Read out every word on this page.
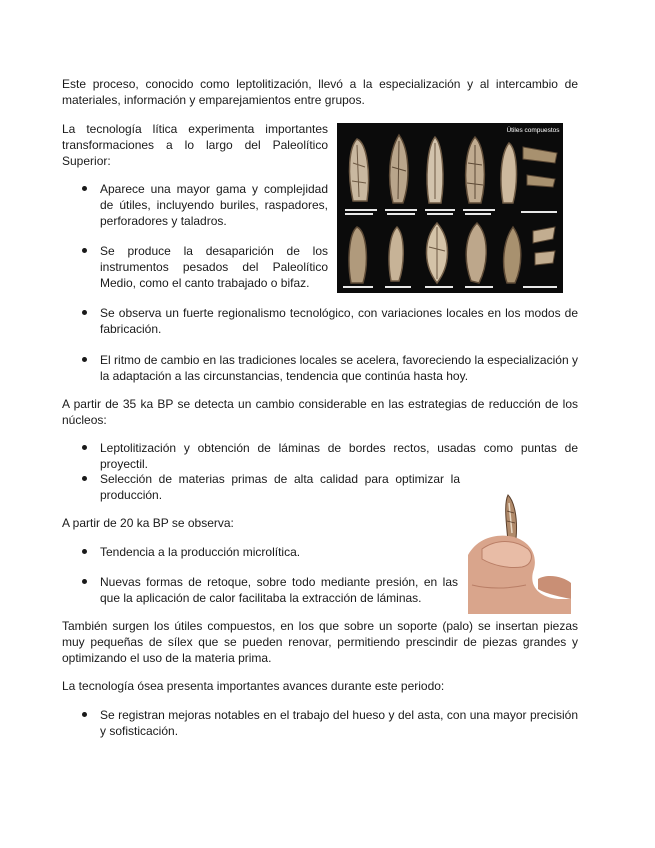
Este proceso, conocido como leptolitización, llevó a la especialización y al intercambio de materiales, información y emparejamientos entre grupos.

La tecnología lítica experimenta importantes transformaciones a lo largo del Paleolítico Superior:

Aparece una mayor gama y complejidad de útiles, incluyendo buriles, raspadores, perforadores y taladros.
Se produce la desaparición de los instrumentos pesados del Paleolítico Medio, como el canto trabajado o bifaz.
Útiles compuestos
Se observa un fuerte regionalismo tecnológico, con variaciones locales en los modos de fabricación.
El ritmo de cambio en las tradiciones locales se acelera, favoreciendo la especialización y la adaptación a las circunstancias, tendencia que continúa hasta hoy.

A partir de 35 ka BP se detecta un cambio considerable en las estrategias de reducción de los núcleos:

Leptolitización y obtención de láminas de bordes rectos, usadas como puntas de proyectil.
Selección de materias primas de alta calidad para optimizar la producción.

A partir de 20 ka BP se observa:

Tendencia a la producción microlítica.
Nuevas formas de retoque, sobre todo mediante presión, en las que la aplicación de calor facilitaba la extracción de láminas.

También surgen los útiles compuestos, en los que sobre un soporte (palo) se insertan piezas muy pequeñas de sílex que se pueden renovar, permitiendo prescindir de piezas grandes y optimizando el uso de la materia prima.

La tecnología ósea presenta importantes avances durante este periodo:

Se registran mejoras notables en el trabajo del hueso y del asta, con una mayor precisión y sofisticación.
